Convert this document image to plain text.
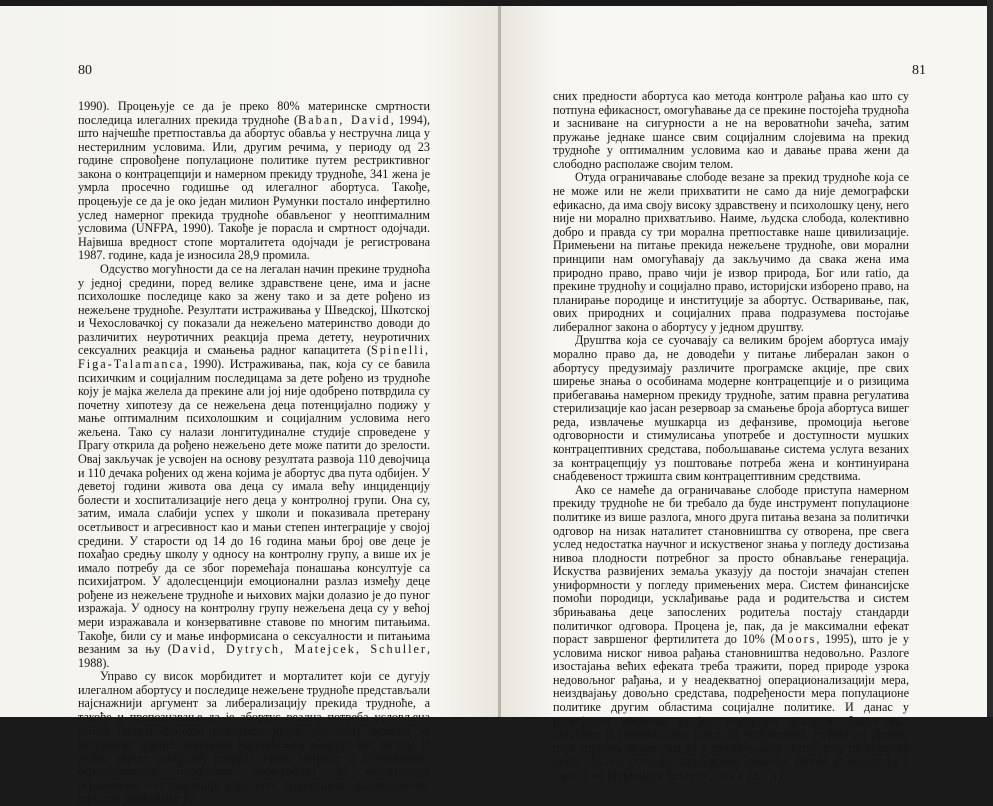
80

1990). Процењује се да је преко 80% материнске смртности последица илегалних прекида трудноће (Baban, David, 1994), што најчешће претпоставља да абортус обавља у нестручна лица у нестерилним условима. Или, другим речима, у периоду од 23 године спровођене популационе политике путем рестриктивног закона о контрацепцији и намерном прекиду трудноће, 341 жена је умрла просечно годишње од илегалног абортуса. Такође, процењује се да је око један милион Румунки постало инфертилно услед намерног прекида трудноће обављеног у неоптималним условима (UNFPA, 1990). Такође је порасла и смртност одојчади. Највиша вредност стопе морталитета одојчади је регистрована 1987. године, када је износила 28,9 промила.

Одсуство могућности да се на легалан начин прекине трудноћа у једној средини, поред велике здравствене цене, има и јасне психолошке последице како за жену тако и за дете рођено из нежељене трудноће. Резултати истраживања у Шведској, Шкотској и Чехословачкој су показали да нежељено материнство доводи до различитих неуротичних реакција према детету, неуротичних сексуалних реакција и смањења радног капацитета (Spinelli, Figa-Talamanca, 1990). Истраживања, пак, која су се бавила психичким и социјалним последицама за дете рођено из трудноће коју је мајка желела да прекине али јој није одобрено потврдила су почетну хипотезу да се нежељена деца потенцијално подижу у мање оптималним психолошким и социјалним условима него жељена. Тако су налази лонгитудиналне студије спроведене у Прагу открила да рођено нежељено дете може патити до зрелости. Овај закључак је усвојен на основу резултата развоја 110 девојчица и 110 дечака рођених од жена којима је абортус два пута одбијен. У деветој години живота ова деца су имала већу инциденцију болести и хоспитализације него деца у контролној групи. Она су, затим, имала слабији успех у школи и показивала претерану осетљивост и агресивност као и мањи степен интеграције у својој средини. У старости од 14 до 16 година мањи број ове деце је похађао средњу школу у односу на контролну групу, а више их је имало потребу да се због поремећаја понашања консултује са психијатром. У адолесценцији емоционални разлаз између деце рођене из нежељене трудноће и њихових мајки долазио је до пуног изражаја. У односу на контролну групу нежељена деца су у већој мери изражавала и конзервативне ставове по многим питањима. Такође, били су и мање информисана о сексуалности и питањима везаним за њу (David, Dytrych, Matejcek, Schuller, 1988).

Управо су висок морбидитет и морталитет који се дугују илегалном абортусу и последице нежељене трудноће представљали најснажнији аргумент за либерализацију прекида трудноће, а такође и препознавање да је абортус реална потреба условљена већим бројем фактора различите врсте. Од оних везаних за историјске корене, вековним коришћењем абортус као метода је добио чврсту социјалну потврду, преко потребе за интензивним ограничавањем биолошког потенцијала до објективних ограничења контрацепције и њиховог субјективног доживљавања, односно уважавање ја-

81

сних предности абортуса као метода контроле рађања као што су потпуна ефикасност, омогућавање да се прекине постојећа трудноћа и засниване на сигурности а не на вероватноћи зачећа, затим пружање једнаке шансе свим социјалним слојевима на прекид трудноће у оптималним условима као и давање права жени да слободно располаже својим телом.

Отуда ограничавање слободе везане за прекид трудноће која се не може или не жели прихватити не само да није демографски ефикасно, да има своју високу здравствену и психолошку цену, него није ни морално прихватљиво. Наиме, људска слобода, колективно добро и правда су три морална претпоставке наше цивилизације. Примењени на питање прекида нежељене трудноће, ови морални принципи нам омогућавају да закључимо да свака жена има природно право, право чији је извор природа, Бог или ratio, да прекине трудноћу и социјално право, историјски изборено право, на планирање породице и институције за абортус. Остваривање, пак, ових природних и социјалних права подразумева постојање либералног закона о абортусу у једном друштву.

Друштва која се суочавају са великим бројем абортуса имају морално право да, не доводећи у питање либералан закон о абортусу предузимају различите програмске акције, пре свих ширење знања о особинама модерне контрацепције и о ризицима прибегавања намерном прекиду трудноће, затим правна регулатива стерилизације као јасан резервоар за смањење броја абортуса вишег реда, извлачење мушкарца из дефанзиве, промоција његове одговорности и стимулисања употребе и доступности мушких контрацептивних средстава, побољшавање система услуга везаних за контрацепцију уз поштовање потреба жена и континуирана снабдевеност тржишта свим контрацептивним средствима.

Ако се намеће да ограничавање слободе приступа намерном прекиду трудноће не би требало да буде инструмент популационе политике из више разлога, много друга питања везана за политички одговор на низак наталитет становништва су отворена, пре свега услед недостатка научног и искуственог знања у погледу достизања нивоа плодности потребног за просто обнављање генерација. Искуства развијених земаља указују да постоји значајан степен униформности у погледу примењених мера. Систем финансијске помоћи породици, усклађивање рада и родитељства и систем збрињавања деце запослених родитеља постају стандарди политичког одговора. Процена је, пак, да је максимални ефекат пораст завршеног фертилитета до 10% (Moors, 1995), што је у условима ниског нивоа рађања становништва недовољно. Разлоге изостајања већих ефеката треба тражити, поред природе узрока недовољног рађања, и у неадекватној операционализацији мера, неиздвајању довољно средстава, подређености мера популационе политике другим областима социјалне политике. И данас у развијеним земљама, то јест модерним државама благостања, актуелно је размишљање гласа из четрдесетих година да држава није спремна да покуша да у континуитету „купи децу по стварној цени“. Поред стварања приближно једнаких услова за родитеље у односу на индивидуе без деце, по Герсону
